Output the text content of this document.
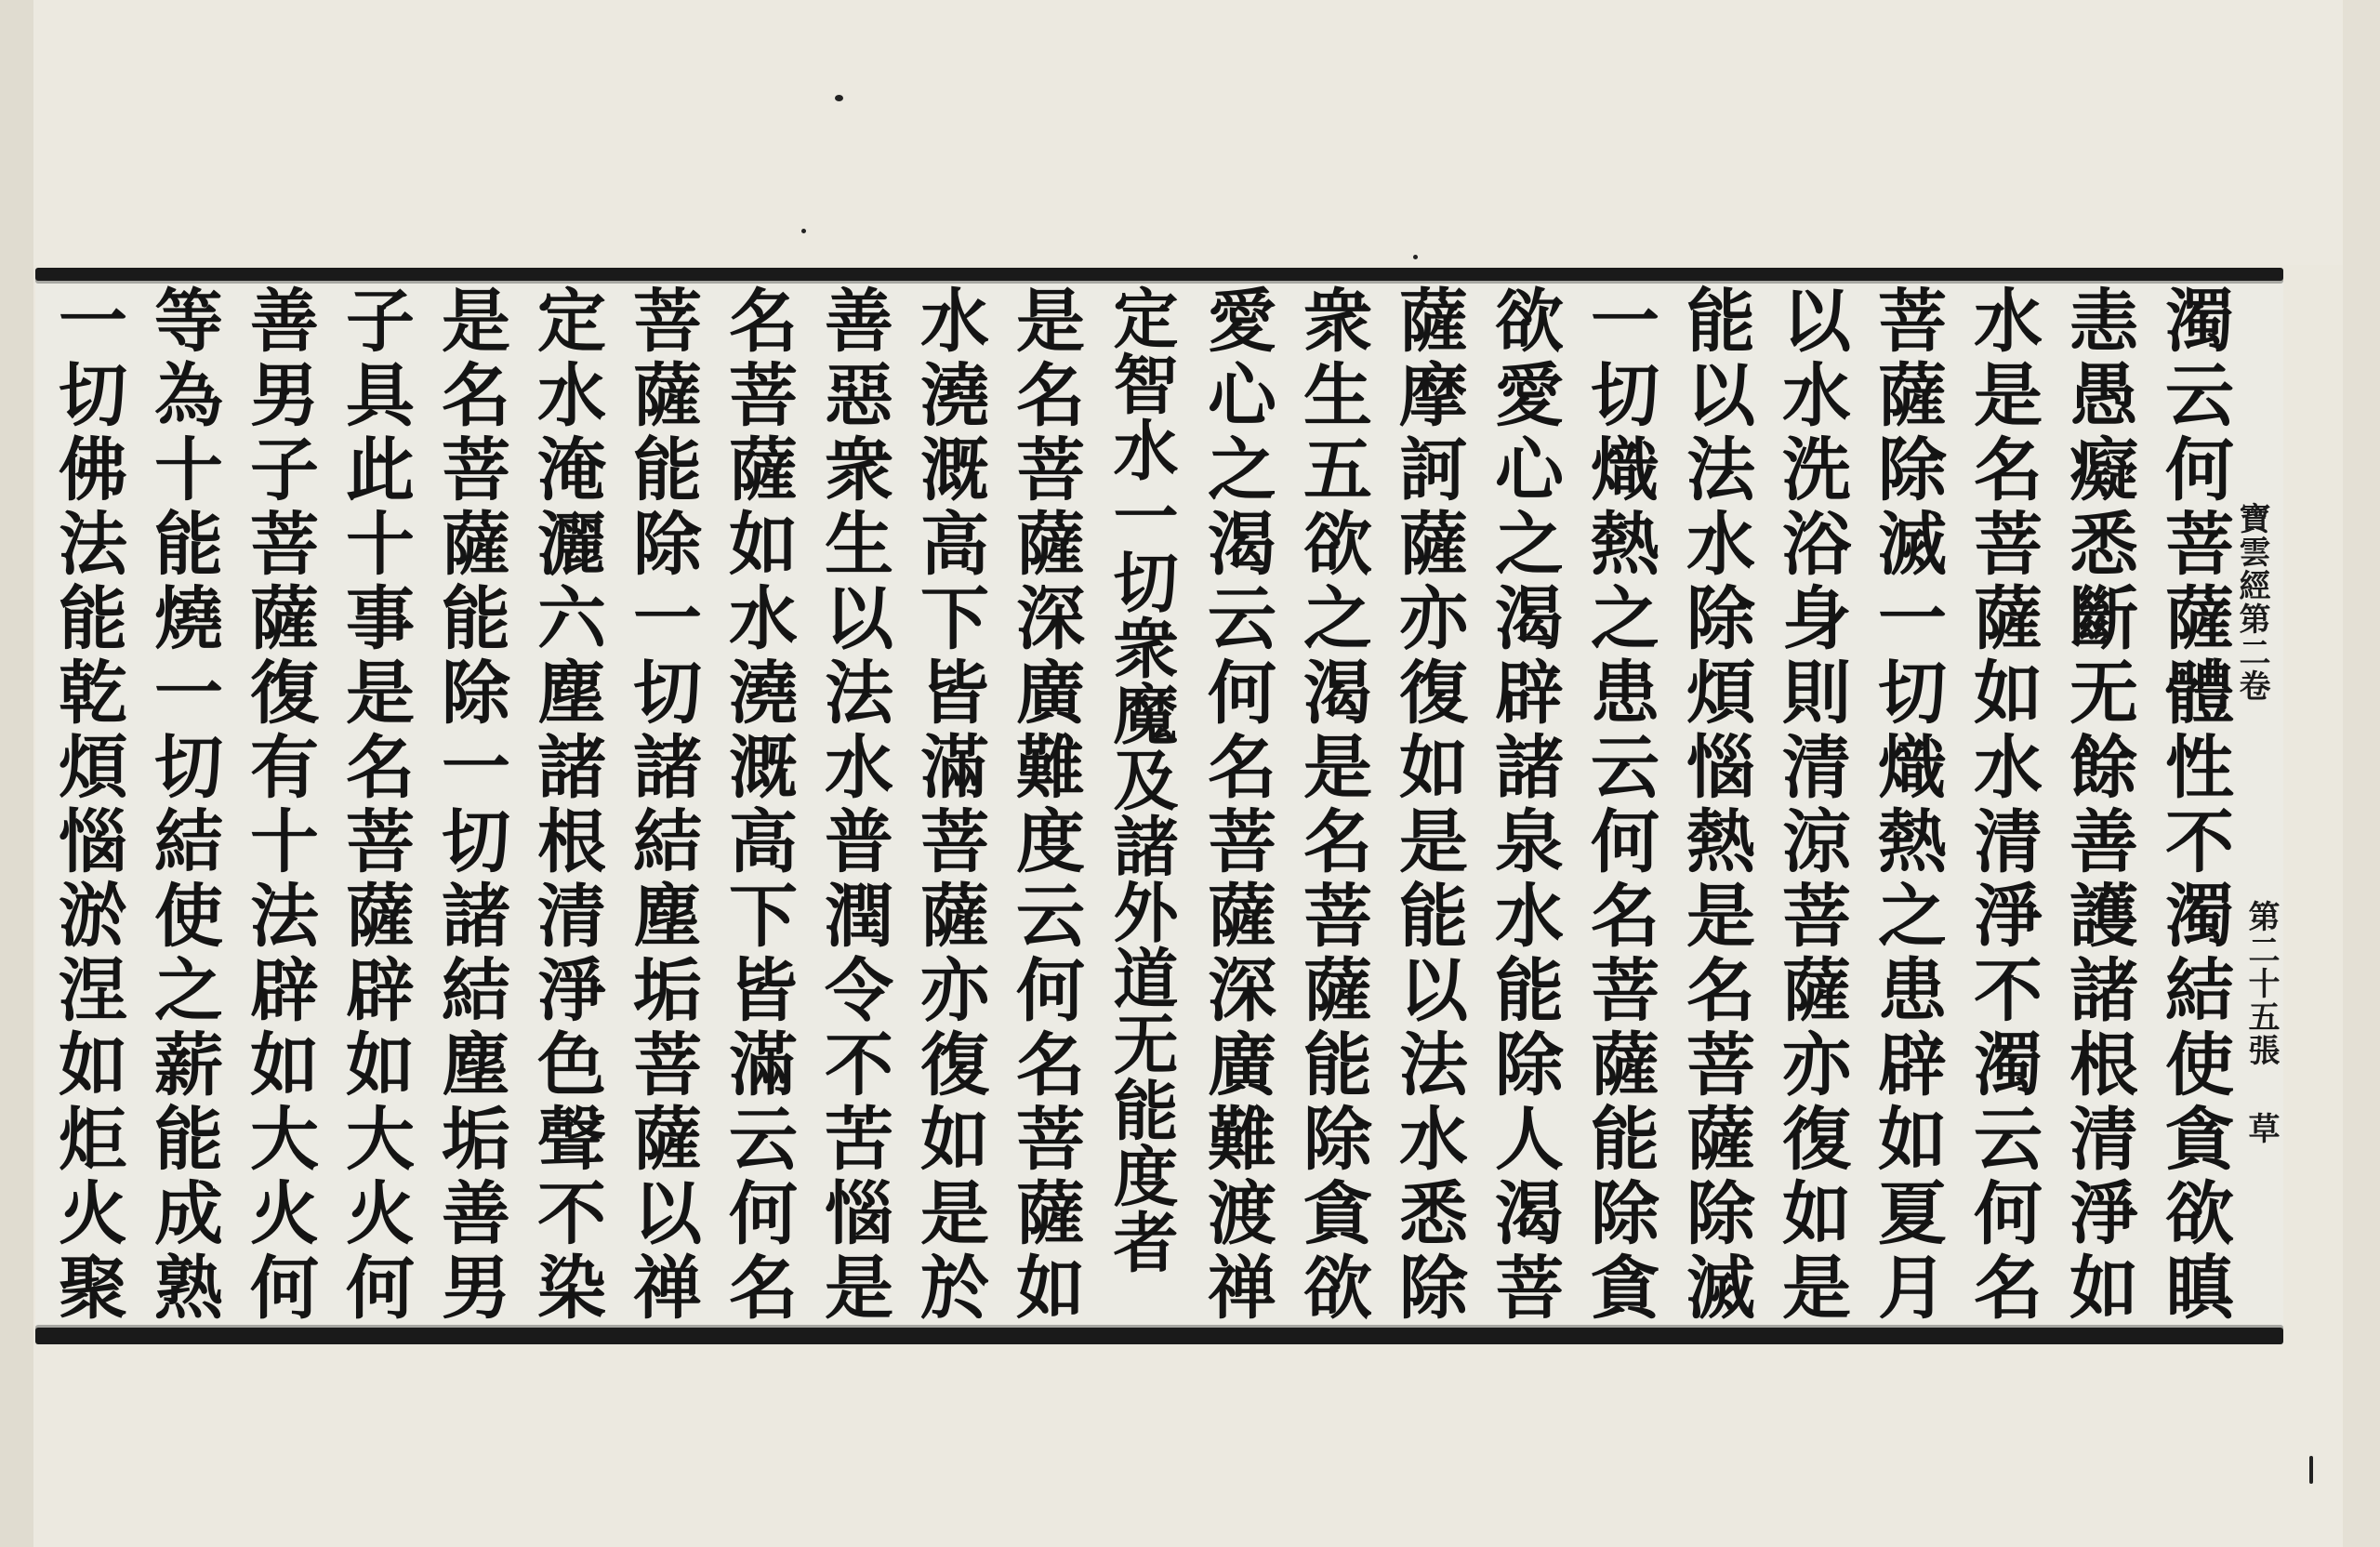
寶雲經第二卷
第二十五張
草
濁云何菩薩體性不濁結使貪欲瞋
恚愚癡悉斷无餘善護諸根清淨如
水是名菩薩如水清淨不濁云何名
菩薩除滅一切熾熱之患辟如夏月
以水洗浴身則清涼菩薩亦復如是
能以法水除煩惱熱是名菩薩除滅
一切熾熱之患云何名菩薩能除貪
欲愛心之渴辟諸泉水能除人渴菩
薩摩訶薩亦復如是能以法水悉除
衆生五欲之渴是名菩薩能除貪欲
愛心之渴云何名菩薩深廣難渡禅
定智水一切衆魔及諸外道无能度者
是名菩薩深廣難度云何名菩薩如
水澆溉高下皆滿菩薩亦復如是於
善惡衆生以法水普潤令不苦惱是
名菩薩如水澆溉高下皆滿云何名
菩薩能除一切諸結塵垢菩薩以禅
定水淹灑六塵諸根清淨色聲不染
是名菩薩能除一切諸結塵垢善男
子具此十事是名菩薩辟如大火何
善男子菩薩復有十法辟如大火何
等為十能燒一切結使之薪能成熟
一切佛法能乾煩惱淤涅如炬火聚
